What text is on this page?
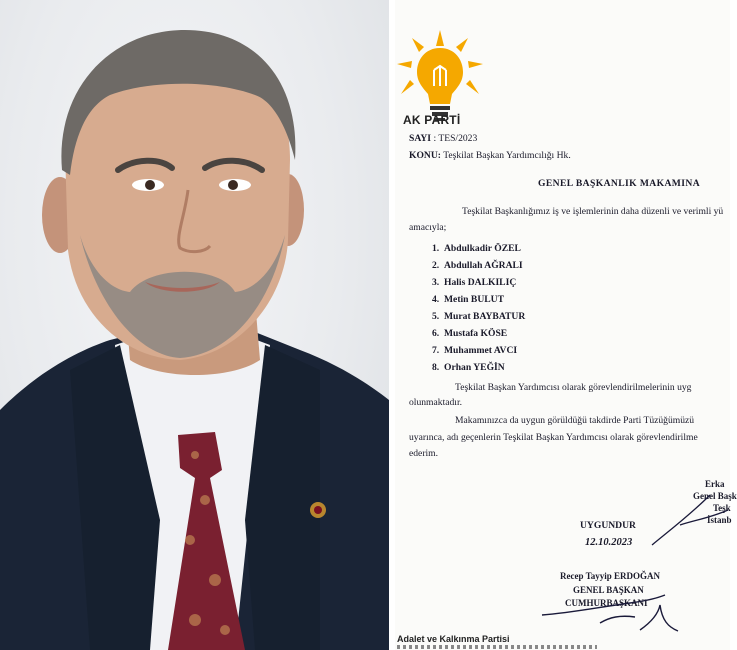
AK PARTİ
SAYI : TES/2023
KONU: Teşkilat Başkan Yardımcılığı Hk.
GENEL BAŞKANLIK MAKAMINA
Teşkilat Başkanlığımız iş ve işlemlerinin daha düzenli ve verimli yü
amacıyla;
1. Abdulkadir ÖZEL
2. Abdullah AĞRALI
3. Halis DALKILIÇ
4. Metin BULUT
5. Murat BAYBATUR
6. Mustafa KÖSE
7. Muhammet AVCI
8. Orhan YEĞİN
Teşkilat Başkan Yardımcısı olarak görevlendirilmelerinin uyg
olunmaktadır.
Makamınızca da uygun görüldüğü takdirde Parti Tüzüğümüzü
uyarınca, adı geçenlerin Teşkilat Başkan Yardımcısı olarak görevlendirilme
ederim.
Erka
Genel Başk
Teşk
İstanb
UYGUNDUR
12.10.2023
Recep Tayyip ERDOĞAN
GENEL BAŞKAN
CUMHURBAŞKANI
Adalet ve Kalkınma Partisi
